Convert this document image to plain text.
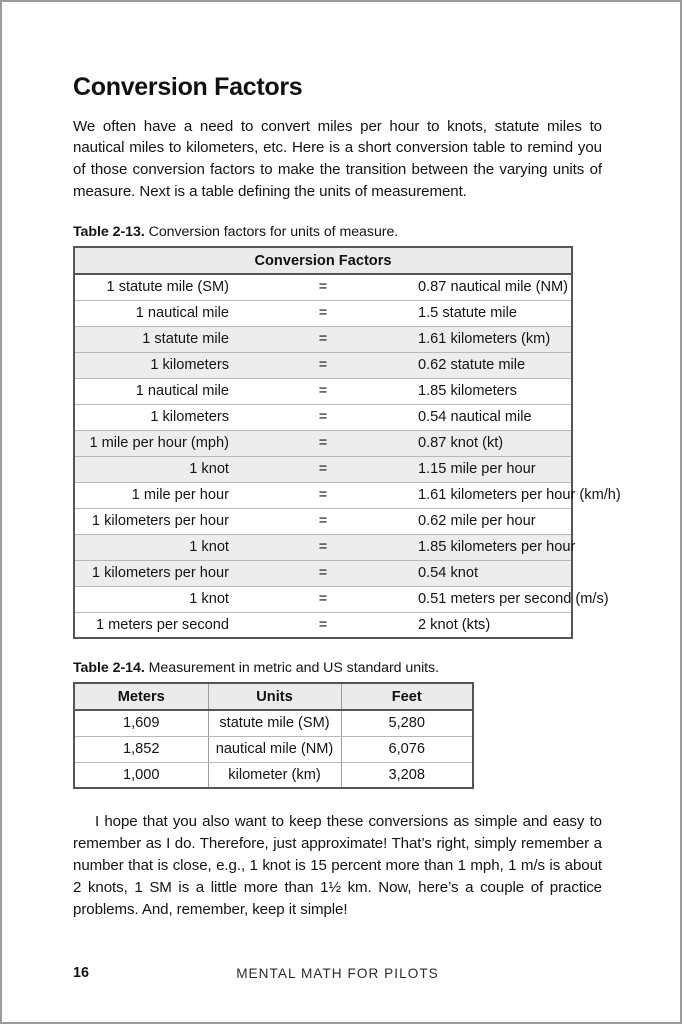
Conversion Factors

We often have a need to convert miles per hour to knots, statute miles to nautical miles to kilometers, etc. Here is a short conversion table to remind you of those conversion factors to make the transition between the varying units of measure. Next is a table defining the units of measurement.

Table 2-13. Conversion factors for units of measure.

Conversion Factors		
1 statute mile (SM)	=	0.87 nautical mile (NM)
1 nautical mile	=	1.5 statute mile
1 statute mile	=	1.61 kilometers (km)
1 kilometers	=	0.62 statute mile
1 nautical mile	=	1.85 kilometers
1 kilometers	=	0.54 nautical mile
1 mile per hour (mph)	=	0.87 knot (kt)
1 knot	=	1.15 mile per hour
1 mile per hour	=	1.61 kilometers per hour (km/h)
1 kilometers per hour	=	0.62 mile per hour
1 knot	=	1.85 kilometers per hour
1 kilometers per hour	=	0.54 knot
1 knot	=	0.51 meters per second (m/s)
1 meters per second	=	2 knot (kts)

Table 2-14. Measurement in metric and US standard units.

Meters	Units	Feet
1,609	statute mile (SM)	5,280
1,852	nautical mile (NM)	6,076
1,000	kilometer (km)	3,208

I hope that you also want to keep these conversions as simple and easy to remember as I do. Therefore, just approximate! That’s right, simply remember a number that is close, e.g., 1 knot is 15 percent more than 1 mph, 1 m/s is about 2 knots, 1 SM is a little more than 1½ km. Now, here’s a couple of practice problems. And, remember, keep it simple!

16	MENTAL MATH FOR PILOTS
